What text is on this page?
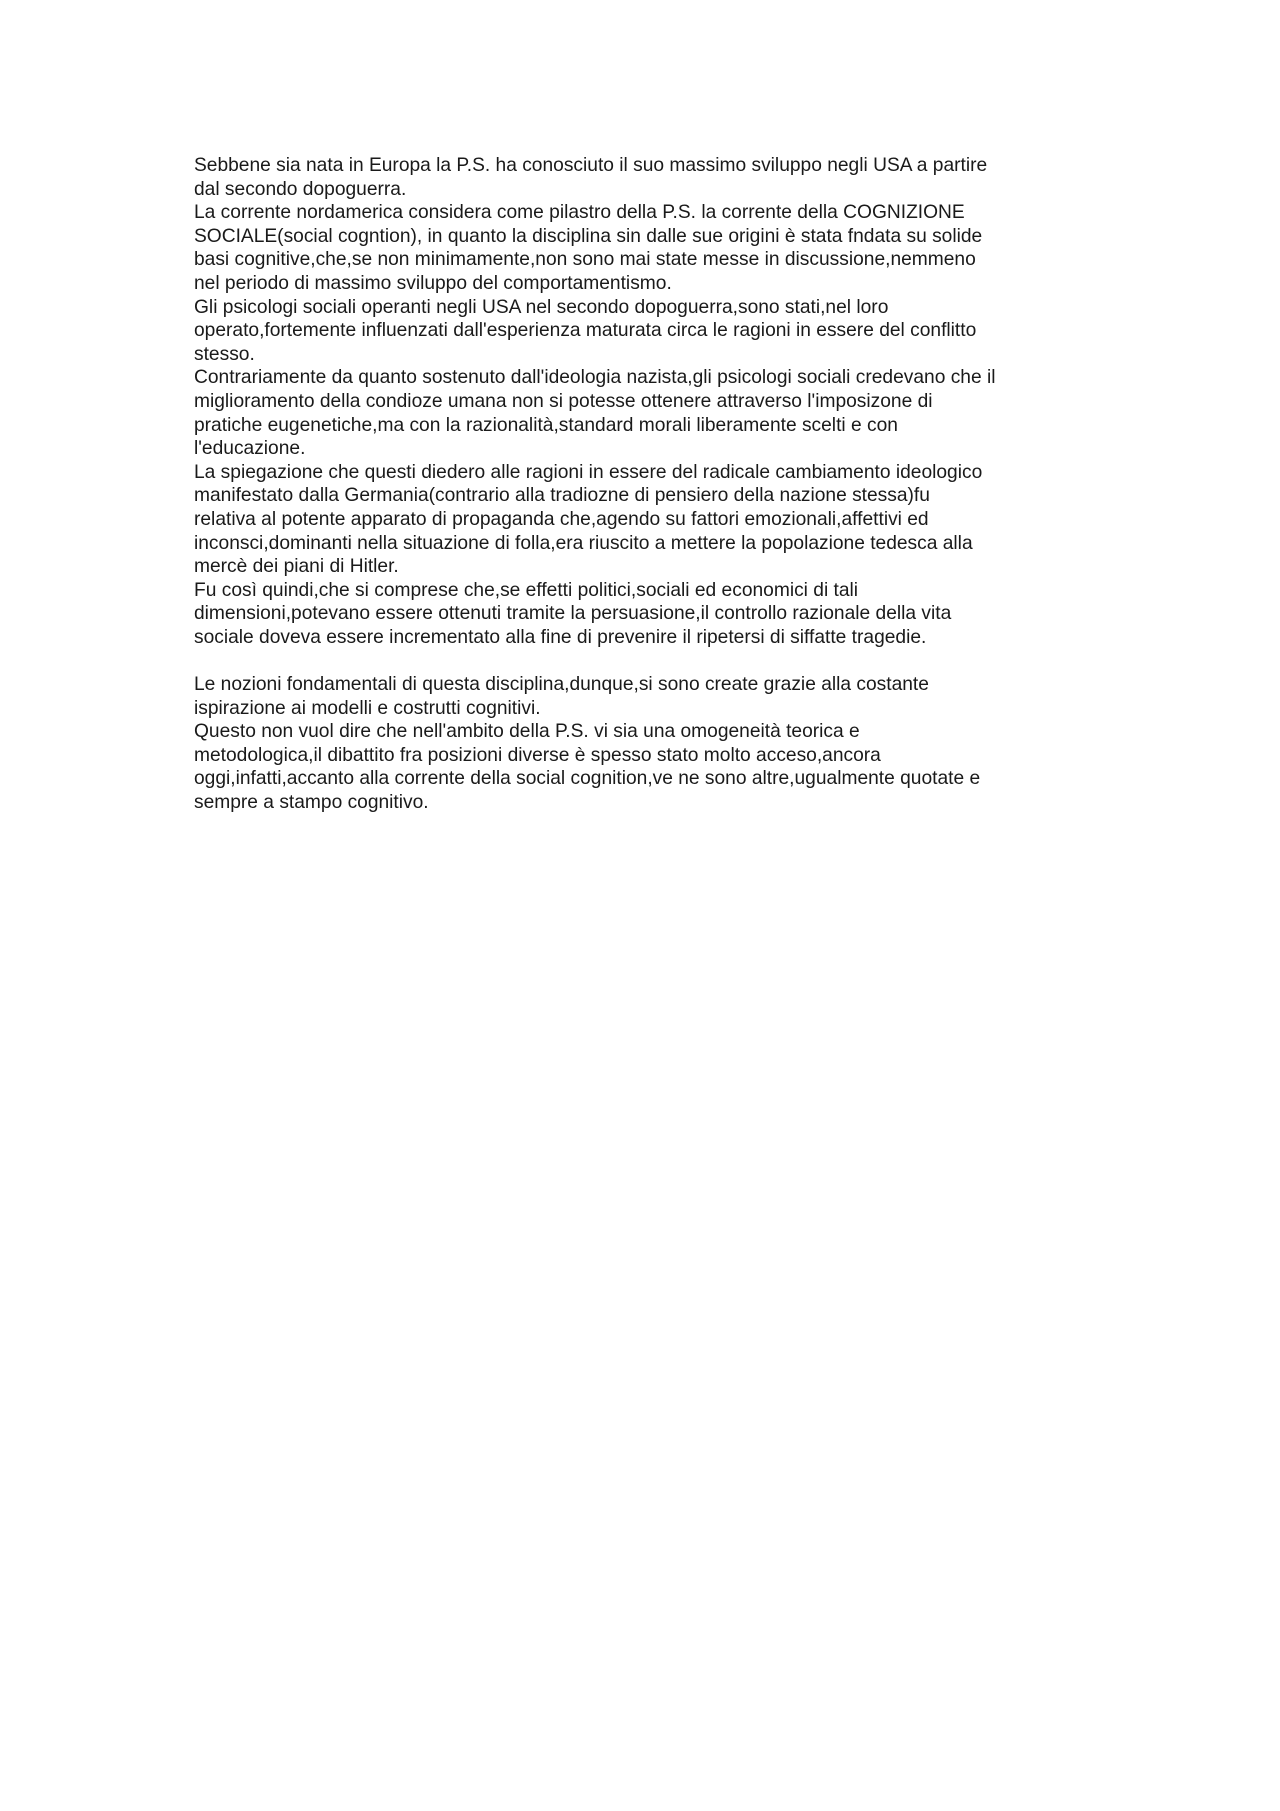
Sebbene sia nata in Europa la P.S. ha conosciuto il suo massimo sviluppo negli USA a partire
dal secondo dopoguerra.
La corrente nordamerica considera come pilastro della P.S. la corrente della COGNIZIONE
SOCIALE(social cogntion), in quanto la disciplina sin dalle sue origini è stata fndata su solide
basi cognitive,che,se non minimamente,non sono mai state messe in discussione,nemmeno
nel periodo di massimo sviluppo del comportamentismo.
Gli psicologi sociali operanti negli USA nel secondo dopoguerra,sono stati,nel loro
operato,fortemente influenzati dall'esperienza maturata circa le ragioni in essere del conflitto
stesso.
Contrariamente da quanto sostenuto dall'ideologia nazista,gli psicologi sociali credevano che il
miglioramento della condioze umana non si potesse ottenere attraverso l'imposizone di
pratiche eugenetiche,ma con la razionalità,standard morali liberamente scelti e con
l'educazione.
La spiegazione che questi diedero alle ragioni in essere del radicale cambiamento ideologico
manifestato dalla Germania(contrario alla tradiozne di pensiero della nazione stessa)fu
relativa al potente apparato di propaganda che,agendo su fattori emozionali,affettivi ed
inconsci,dominanti nella situazione di folla,era riuscito a mettere la popolazione tedesca alla
mercè dei piani di Hitler.
Fu così quindi,che si comprese che,se effetti politici,sociali ed economici di tali
dimensioni,potevano essere ottenuti tramite la persuasione,il controllo razionale della vita
sociale doveva essere incrementato alla fine di prevenire il ripetersi di siffatte tragedie.
Le nozioni fondamentali di questa disciplina,dunque,si sono create grazie alla costante
ispirazione ai modelli e costrutti cognitivi.
Questo non vuol dire che nell'ambito della P.S. vi sia una omogeneità teorica e
metodologica,il dibattito fra posizioni diverse è spesso stato molto acceso,ancora
oggi,infatti,accanto alla corrente della social cognition,ve ne sono altre,ugualmente quotate e
sempre a stampo cognitivo.
